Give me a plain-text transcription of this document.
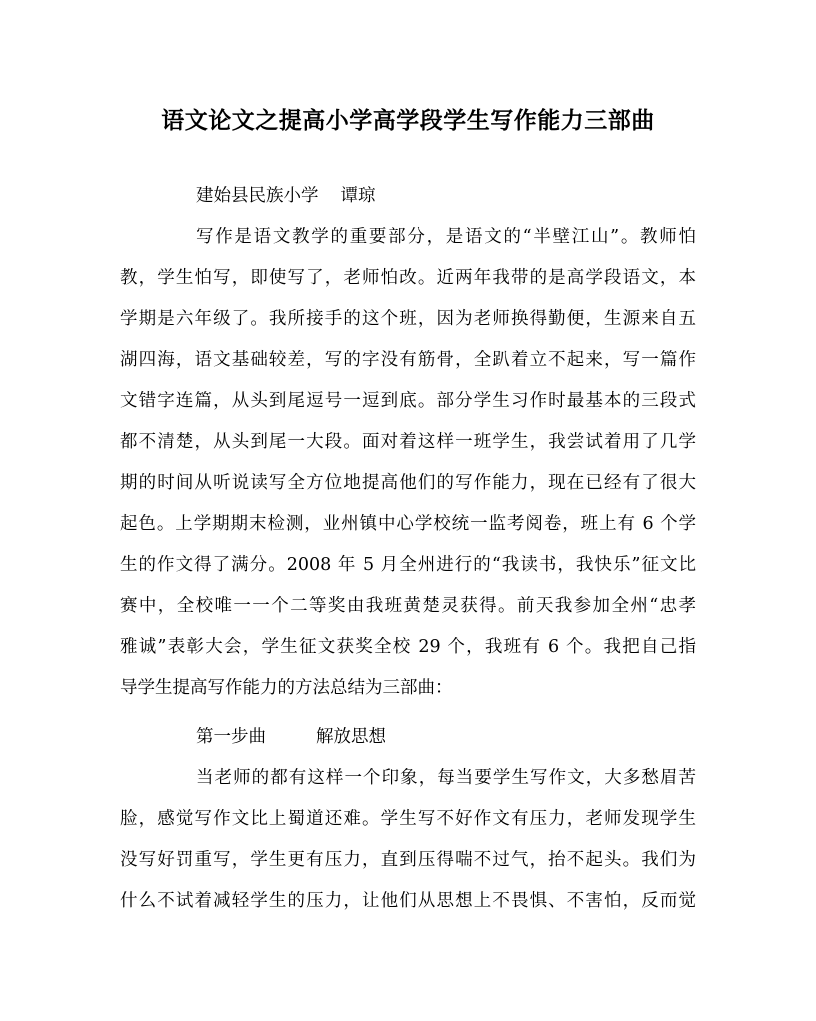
语文论文之提高小学高学段学生写作能力三部曲
建始县民族小学 谭琼
写作是语文教学的重要部分，是语文的“半壁江山”。教师怕
教，学生怕写，即使写了，老师怕改。近两年我带的是高学段语文，本
学期是六年级了。我所接手的这个班，因为老师换得勤便，生源来自五
湖四海，语文基础较差，写的字没有筋骨，全趴着立不起来，写一篇作
文错字连篇，从头到尾逗号一逗到底。部分学生习作时最基本的三段式
都不清楚，从头到尾一大段。面对着这样一班学生，我尝试着用了几学
期的时间从听说读写全方位地提高他们的写作能力，现在已经有了很大
起色。上学期期末检测，业州镇中心学校统一监考阅卷，班上有 6 个学
生的作文得了满分。2008 年 5 月全州进行的“我读书，我快乐”征文比
赛中，全校唯一一个二等奖由我班黄楚灵获得。前天我参加全州“忠孝
雅诚”表彰大会，学生征文获奖全校 29 个，我班有 6 个。我把自己指
导学生提高写作能力的方法总结为三部曲：
第一步曲	解放思想
当老师的都有这样一个印象，每当要学生写作文，大多愁眉苦
脸，感觉写作文比上蜀道还难。学生写不好作文有压力，老师发现学生
没写好罚重写，学生更有压力，直到压得喘不过气，抬不起头。我们为
什么不试着减轻学生的压力，让他们从思想上不畏惧、不害怕，反而觉
